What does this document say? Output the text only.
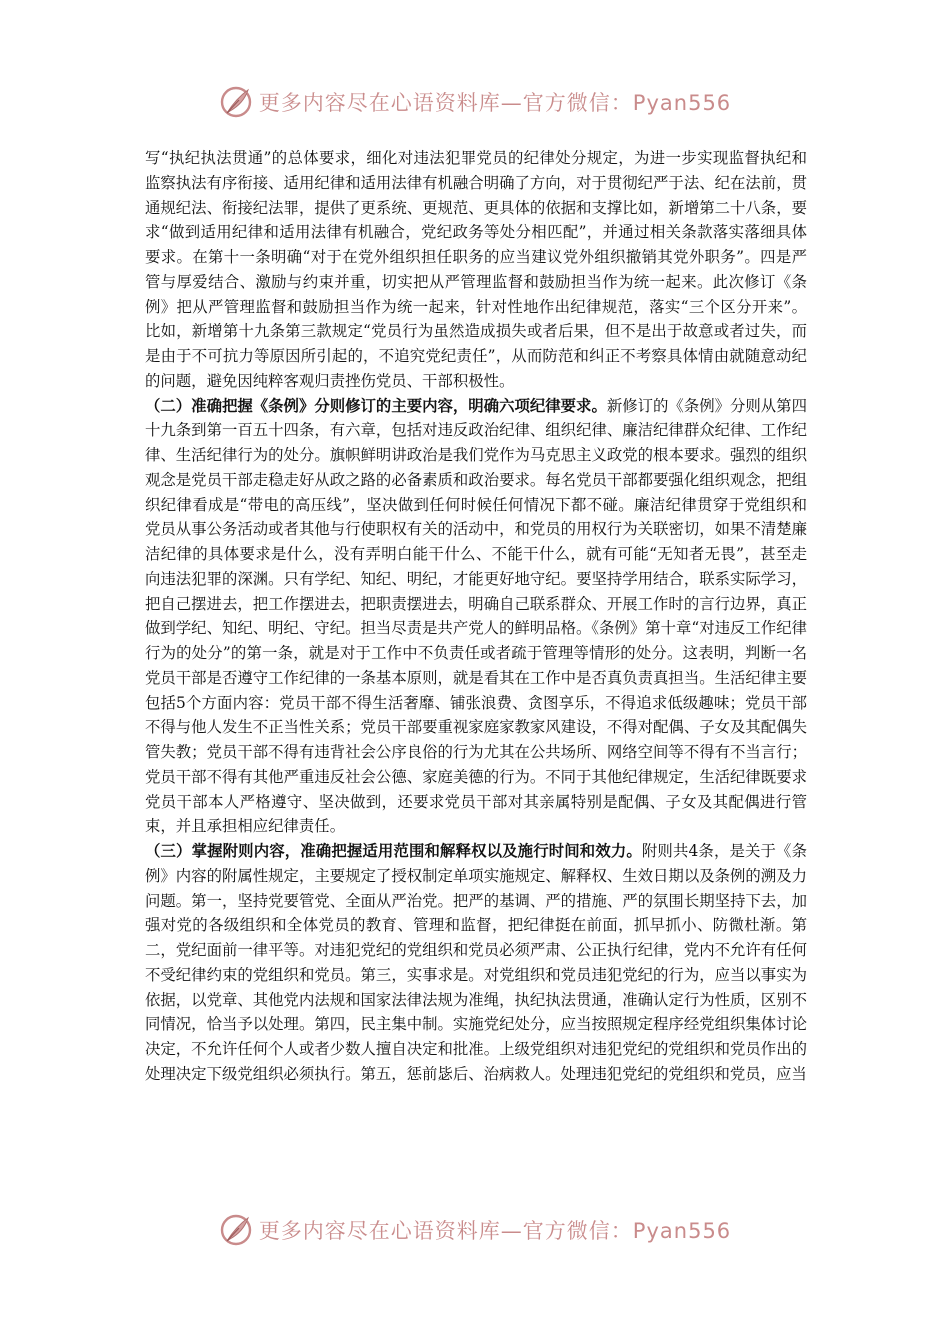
更多内容尽在心语资料库—官方微信：Pyan556

写“执纪执法贯通”的总体要求，细化对违法犯罪党员的纪律处分规定，为进一步实现监督执纪和监察执法有序衔接、适用纪律和适用法律有机融合明确了方向，对于贯彻纪严于法、纪在法前，贯通规纪法、衔接纪法罪，提供了更系统、更规范、更具体的依据和支撑比如，新增第二十八条，要求“做到适用纪律和适用法律有机融合，党纪政务等处分相匹配”，并通过相关条款落实落细具体要求。在第十一条明确“对于在党外组织担任职务的应当建议党外组织撤销其党外职务”。四是严管与厚爱结合、激励与约束并重，切实把从严管理监督和鼓励担当作为统一起来。此次修订《条例》把从严管理监督和鼓励担当作为统一起来，针对性地作出纪律规范，落实“三个区分开来”。比如，新增第十九条第三款规定“党员行为虽然造成损失或者后果，但不是出于故意或者过失，而是由于不可抗力等原因所引起的，不追究党纪责任”，从而防范和纠正不考察具体情由就随意动纪的问题，避免因纯粹客观归责挫伤党员、干部积极性。

（二）准确把握《条例》分则修订的主要内容，明确六项纪律要求。新修订的《条例》分则从第四十九条到第一百五十四条，有六章，包括对违反政治纪律、组织纪律、廉洁纪律群众纪律、工作纪律、生活纪律行为的处分。旗帜鲜明讲政治是我们党作为马克思主义政党的根本要求。强烈的组织观念是党员干部走稳走好从政之路的必备素质和政治要求。每名党员干部都要强化组织观念，把组织纪律看成是“带电的高压线”，坚决做到任何时候任何情况下都不碰。廉洁纪律贯穿于党组织和党员从事公务活动或者其他与行使职权有关的活动中，和党员的用权行为关联密切，如果不清楚廉洁纪律的具体要求是什么，没有弄明白能干什么、不能干什么，就有可能“无知者无畏”，甚至走向违法犯罪的深渊。只有学纪、知纪、明纪，才能更好地守纪。要坚持学用结合，联系实际学习，把自己摆进去，把工作摆进去，把职责摆进去，明确自己联系群众、开展工作时的言行边界，真正做到学纪、知纪、明纪、守纪。担当尽责是共产党人的鲜明品格。《条例》第十章“对违反工作纪律行为的处分”的第一条，就是对于工作中不负责任或者疏于管理等情形的处分。这表明，判断一名党员干部是否遵守工作纪律的一条基本原则，就是看其在工作中是否真负责真担当。生活纪律主要包括5个方面内容：党员干部不得生活奢靡、铺张浪费、贪图享乐，不得追求低级趣味；党员干部不得与他人发生不正当性关系；党员干部要重视家庭家教家风建设，不得对配偶、子女及其配偶失管失教；党员干部不得有违背社会公序良俗的行为尤其在公共场所、网络空间等不得有不当言行；党员干部不得有其他严重违反社会公德、家庭美德的行为。不同于其他纪律规定，生活纪律既要求党员干部本人严格遵守、坚决做到，还要求党员干部对其亲属特别是配偶、子女及其配偶进行管束，并且承担相应纪律责任。

（三）掌握附则内容，准确把握适用范围和解释权以及施行时间和效力。附则共4条，是关于《条例》内容的附属性规定，主要规定了授权制定单项实施规定、解释权、生效日期以及条例的溯及力问题。第一，坚持党要管党、全面从严治党。把严的基调、严的措施、严的氛围长期坚持下去，加强对党的各级组织和全体党员的教育、管理和监督，把纪律挺在前面，抓早抓小、防微杜渐。第二，党纪面前一律平等。对违犯党纪的党组织和党员必须严肃、公正执行纪律，党内不允许有任何不受纪律约束的党组织和党员。第三，实事求是。对党组织和党员违犯党纪的行为，应当以事实为依据，以党章、其他党内法规和国家法律法规为准绳，执纪执法贯通，准确认定行为性质，区别不同情况，恰当予以处理。第四，民主集中制。实施党纪处分，应当按照规定程序经党组织集体讨论决定，不允许任何个人或者少数人擅自决定和批准。上级党组织对违犯党纪的党组织和党员作出的处理决定下级党组织必须执行。第五，惩前毖后、治病救人。处理违犯党纪的党组织和党员，应当

更多内容尽在心语资料库—官方微信：Pyan556
